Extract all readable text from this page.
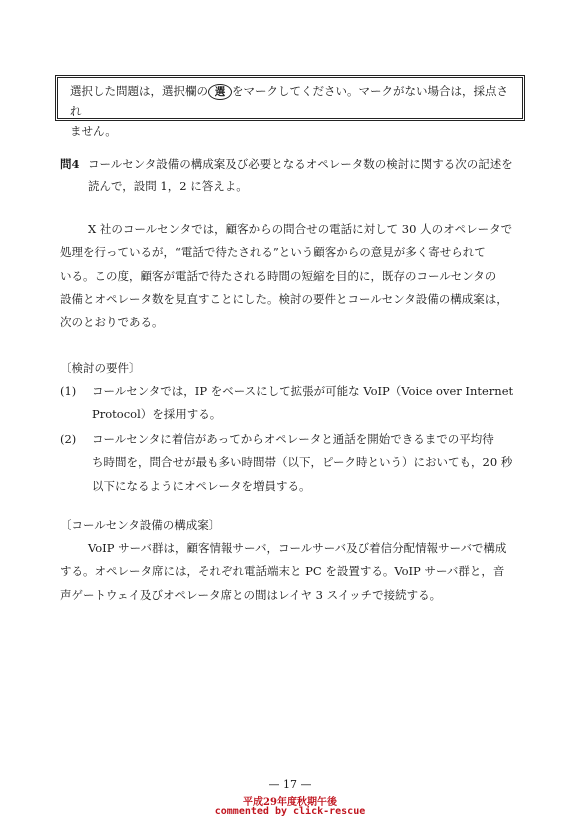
選択した問題は，選択欄の 選 をマークしてください。マークがない場合は，採点され
ません。
問4 コールセンタ設備の構成案及び必要となるオペレータ数の検討に関する次の記述を
読んで，設問 1，2 に答えよ。
X 社のコールセンタでは，顧客からの問合せの電話に対して 30 人のオペレータで
処理を行っているが，“電話で待たされる”という顧客からの意見が多く寄せられて
いる。この度，顧客が電話で待たされる時間の短縮を目的に，既存のコールセンタの
設備とオペレータ数を見直すことにした。検討の要件とコールセンタ設備の構成案は，
次のとおりである。
〔検討の要件〕
(1) コールセンタでは，IP をベースにして拡張が可能な VoIP（Voice over Internet
Protocol）を採用する。
(2) コールセンタに着信があってからオペレータと通話を開始できるまでの平均待
ち時間を，問合せが最も多い時間帯（以下，ピーク時という）においても，20 秒
以下になるようにオペレータを増員する。
〔コールセンタ設備の構成案〕
VoIP サーバ群は，顧客情報サーバ，コールサーバ及び着信分配情報サーバで構成
する。オペレータ席には，それぞれ電話端末と PC を設置する。VoIP サーバ群と，音
声ゲートウェイ及びオペレータ席との間はレイヤ 3 スイッチで接続する。
— 17 —
平成29年度秋期午後
commented by click-rescue
